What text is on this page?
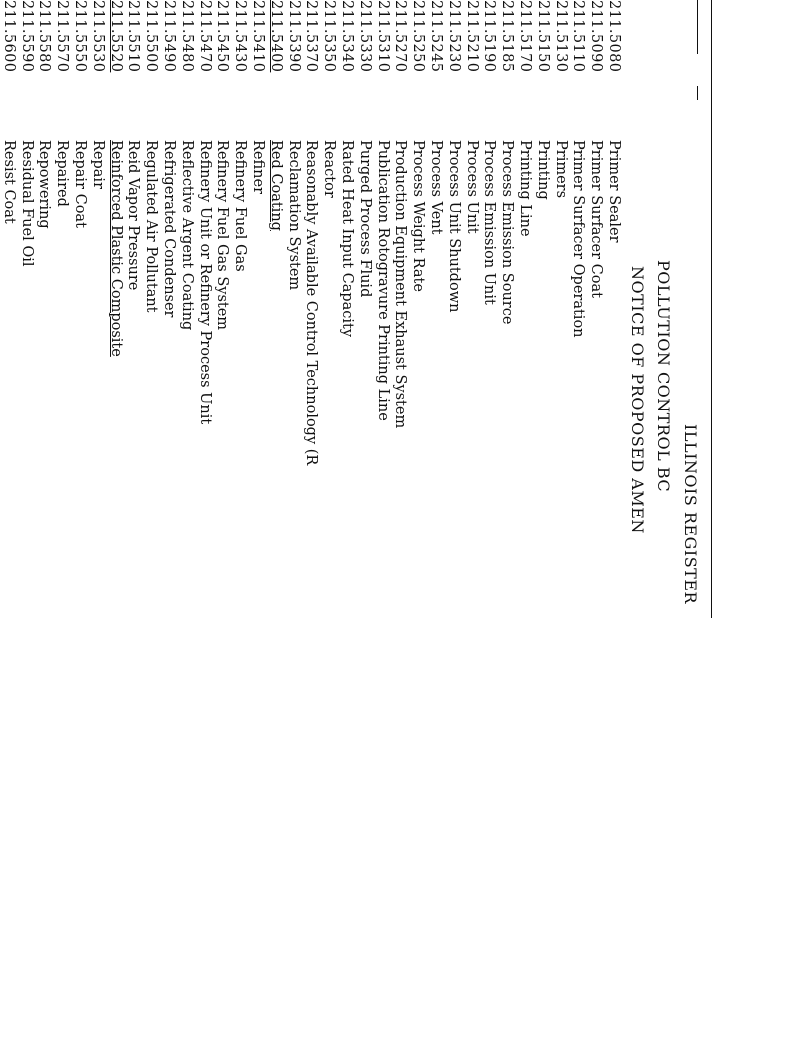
ILLINOIS REGISTER
POLLUTION CONTROL BC
NOTICE OF PROPOSED AMEN
211.5080
Primer Sealer
211.5090
Primer Surfacer Coat
211.5110
Primer Surfacer Operation
211.5130
Primers
211.5150
Printing
211.5170
Printing Line
211.5185
Process Emission Source
211.5190
Process Emission Unit
211.5210
Process Unit
211.5230
Process Unit Shutdown
211.5245
Process Vent
211.5250
Process Weight Rate
211.5270
Production Equipment Exhaust System
211.5310
Publication Rotogravure Printing Line
211.5330
Purged Process Fluid
211.5340
Rated Heat Input Capacity
211.5350
Reactor
211.5370
Reasonably Available Control Technology (R
211.5390
Reclamation System
211.5400
Red Coating
211.5410
Refiner
211.5430
Refinery Fuel Gas
211.5450
Refinery Fuel Gas System
211.5470
Refinery Unit or Refinery Process Unit
211.5480
Reflective Argent Coating
211.5490
Refrigerated Condenser
211.5500
Regulated Air Pollutant
211.5510
Reid Vapor Pressure
211.5520
Reinforced Plastic Composite
211.5530
Repair
211.5550
Repair Coat
211.5570
Repaired
211.5580
Repowering
211.5590
Residual Fuel Oil
211.5600
Resist Coat
